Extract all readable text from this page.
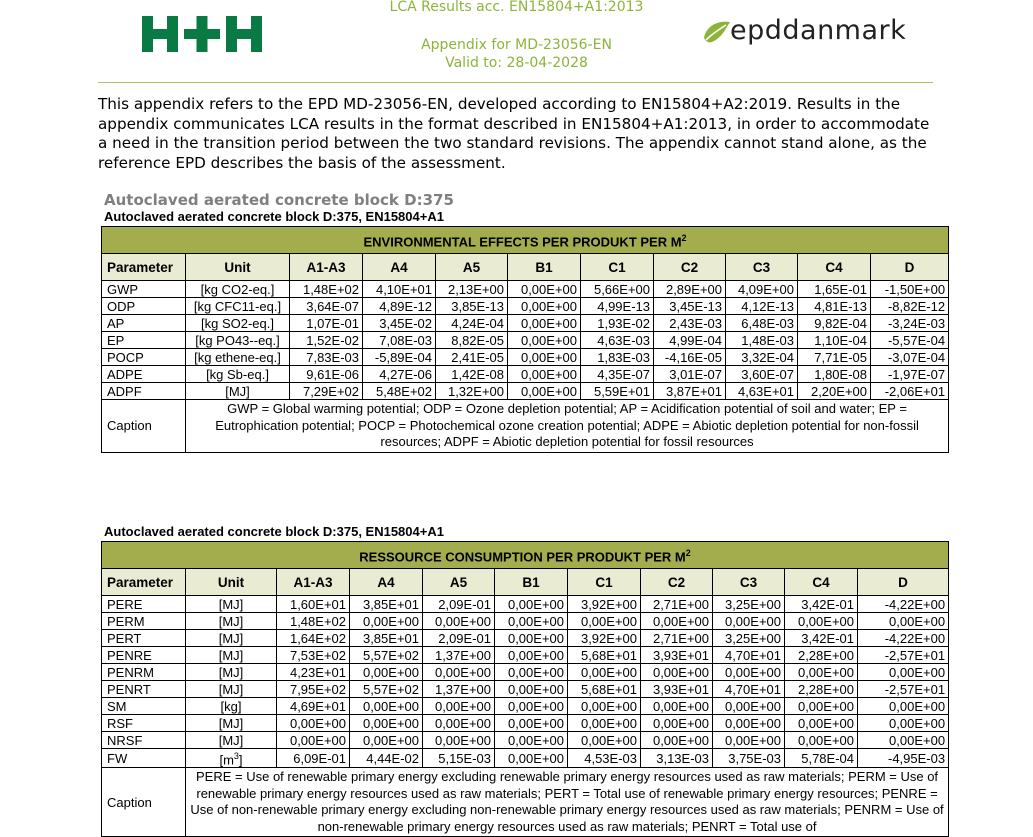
epddanmark
LCA Results acc. EN15804+A1:2013
Appendix for MD-23056-EN
Valid to: 28-04-2028
This appendix refers to the EPD MD-23056-EN, developed according to EN15804+A2:2019. Results in the appendix communicates LCA results in the format described in EN15804+A1:2013, in order to accommodate a need in the transition period between the two standard revisions. The appendix cannot stand alone, as the reference EPD describes the basis of the assessment.
Autoclaved aerated concrete block D:375
Autoclaved aerated concrete block D:375, EN15804+A1
ENVIRONMENTAL EFFECTS PER PRODUKT PER $M^2$
Parameter	Unit	A1-A3	A4	A5	B1	C1	C2	C3	C4	D
GWP	[kg CO2-eq.]	1,48E+02	4,10E+01	2,13E+00	0,00E+00	5,66E+00	2,89E+00	4,09E+00	1,65E-01	-1,50E+00
ODP	[kg CFC11-eq.]	3,64E-07	4,89E-12	3,85E-13	0,00E+00	4,99E-13	3,45E-13	4,12E-13	4,81E-13	-8,82E-12
AP	[kg SO2-eq.]	1,07E-01	3,45E-02	4,24E-04	0,00E+00	1,93E-02	2,43E-03	6,48E-03	9,82E-04	-3,24E-03
EP	[kg PO43--eq.]	1,52E-02	7,08E-03	8,82E-05	0,00E+00	4,63E-03	4,99E-04	1,48E-03	1,10E-04	-5,57E-04
POCP	[kg ethene-eq.]	7,83E-03	-5,89E-04	2,41E-05	0,00E+00	1,83E-03	-4,16E-05	3,32E-04	7,71E-05	-3,07E-04
ADPE	[kg Sb-eq.]	9,61E-06	4,27E-06	1,42E-08	0,00E+00	4,35E-07	3,01E-07	3,60E-07	1,80E-08	-1,97E-07
ADPF	[MJ]	7,29E+02	5,48E+02	1,32E+00	0,00E+00	5,59E+01	3,87E+01	4,63E+01	2,20E+00	-2,06E+01
Caption	GWP = Global warming potential; ODP = Ozone depletion potential; AP = Acidification potential of soil and water; EP = Eutrophication potential; POCP = Photochemical ozone creation potential; ADPE = Abiotic depletion potential for non-fossil resources; ADPF = Abiotic depletion potential for fossil resources									
Autoclaved aerated concrete block D:375, EN15804+A1
RESSOURCE CONSUMPTION PER PRODUKT PER $M^2$
Parameter	Unit	A1-A3	A4	A5	B1	C1	C2	C3	C4	D
PERE	[MJ]	1,60E+01	3,85E+01	2,09E-01	0,00E+00	3,92E+00	2,71E+00	3,25E+00	3,42E-01	-4,22E+00
PERM	[MJ]	1,48E+02	0,00E+00	0,00E+00	0,00E+00	0,00E+00	0,00E+00	0,00E+00	0,00E+00	0,00E+00
PERT	[MJ]	1,64E+02	3,85E+01	2,09E-01	0,00E+00	3,92E+00	2,71E+00	3,25E+00	3,42E-01	-4,22E+00
PENRE	[MJ]	7,53E+02	5,57E+02	1,37E+00	0,00E+00	5,68E+01	3,93E+01	4,70E+01	2,28E+00	-2,57E+01
PENRM	[MJ]	4,23E+01	0,00E+00	0,00E+00	0,00E+00	0,00E+00	0,00E+00	0,00E+00	0,00E+00	0,00E+00
PENRT	[MJ]	7,95E+02	5,57E+02	1,37E+00	0,00E+00	5,68E+01	3,93E+01	4,70E+01	2,28E+00	-2,57E+01
SM	[kg]	4,69E+01	0,00E+00	0,00E+00	0,00E+00	0,00E+00	0,00E+00	0,00E+00	0,00E+00	0,00E+00
RSF	[MJ]	0,00E+00	0,00E+00	0,00E+00	0,00E+00	0,00E+00	0,00E+00	0,00E+00	0,00E+00	0,00E+00
NRSF	[MJ]	0,00E+00	0,00E+00	0,00E+00	0,00E+00	0,00E+00	0,00E+00	0,00E+00	0,00E+00	0,00E+00
FW	$[m^3]$	6,09E-01	4,44E-02	5,15E-03	0,00E+00	4,53E-03	3,13E-03	3,75E-03	5,78E-04	-4,95E-03
Caption	PERE = Use of renewable primary energy excluding renewable primary energy resources used as raw materials; PERM = Use of renewable primary energy resources used as raw materials; PERT = Total use of renewable primary energy resources; PENRE = Use of non-renewable primary energy excluding non-renewable primary energy resources used as raw materials; PENRM = Use of non-renewable primary energy resources used as raw materials; PENRT = Total use of									
